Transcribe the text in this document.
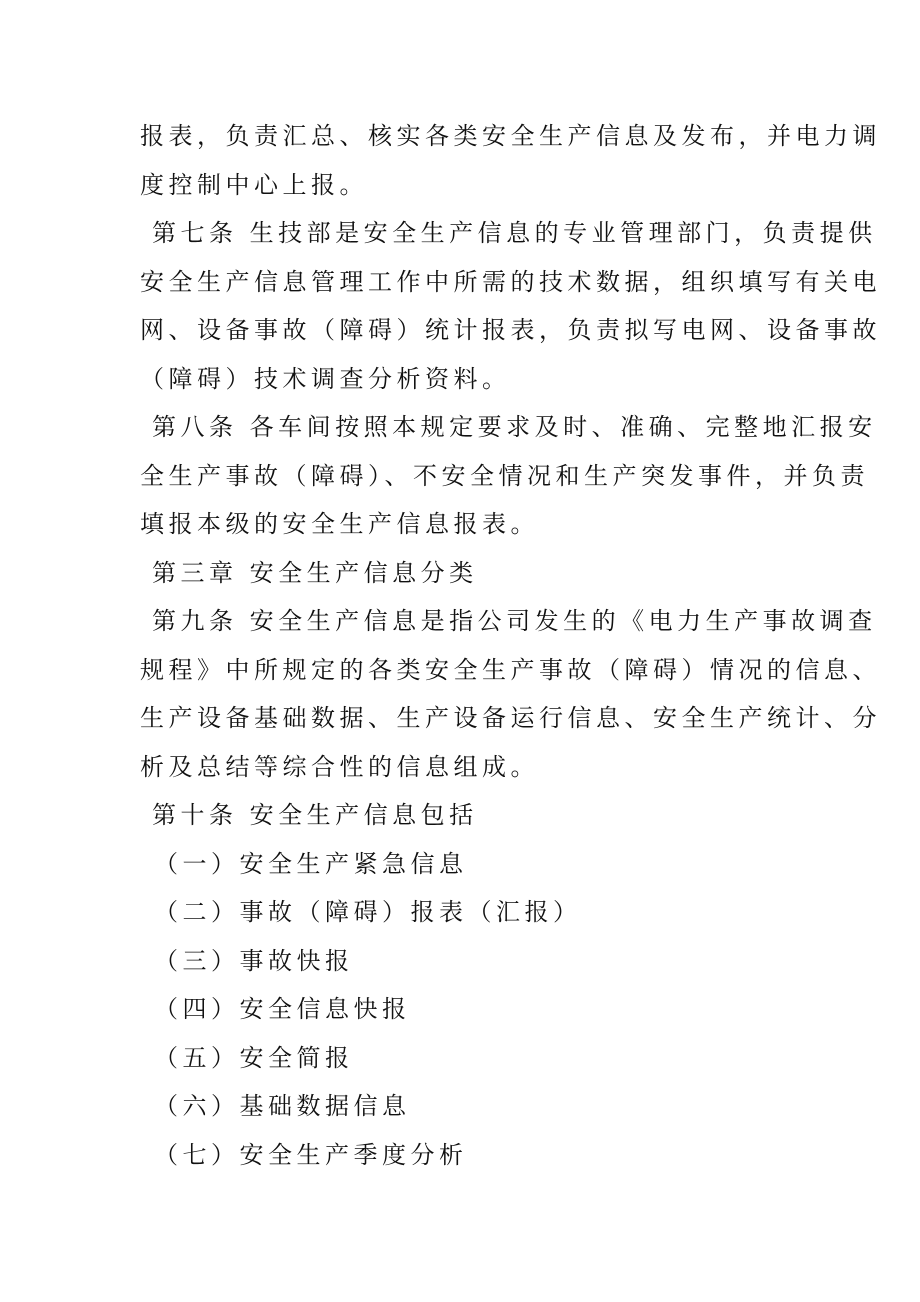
报表，负责汇总、核实各类安全生产信息及发布，并电力调
度控制中心上报。
第七条 生技部是安全生产信息的专业管理部门，负责提供
安全生产信息管理工作中所需的技术数据，组织填写有关电
网、设备事故（障碍）统计报表，负责拟写电网、设备事故
（障碍）技术调查分析资料。
第八条 各车间按照本规定要求及时、准确、完整地汇报安
全生产事故（障碍）、不安全情况和生产突发事件，并负责
填报本级的安全生产信息报表。
第三章 安全生产信息分类
第九条 安全生产信息是指公司发生的《电力生产事故调查
规程》中所规定的各类安全生产事故（障碍）情况的信息、
生产设备基础数据、生产设备运行信息、安全生产统计、分
析及总结等综合性的信息组成。
第十条 安全生产信息包括
（一）安全生产紧急信息
（二）事故（障碍）报表（汇报）
（三）事故快报
（四）安全信息快报
（五）安全简报
（六）基础数据信息
（七）安全生产季度分析
